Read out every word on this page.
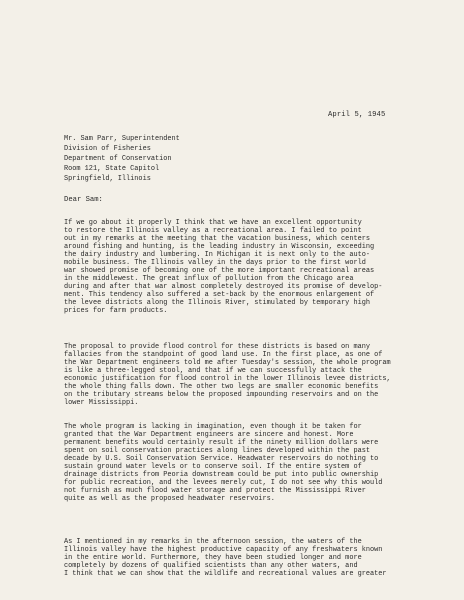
April 5, 1945
Mr. Sam Parr, Superintendent
Division of Fisheries
Department of Conservation
Room 121, State Capitol
Springfield, Illinois
Dear Sam:
If we go about it properly I think that we have an excellent opportunity
to restore the Illinois valley as a recreational area. I failed to point
out in my remarks at the meeting that the vacation business, which centers
around fishing and hunting, is the leading industry in Wisconsin, exceeding
the dairy industry and lumbering. In Michigan it is next only to the auto-
mobile business. The Illinois valley in the days prior to the first world
war showed promise of becoming one of the more important recreational areas
in the middlewest. The great influx of pollution from the Chicago area
during and after that war almost completely destroyed its promise of develop-
ment. This tendency also suffered a set-back by the enormous enlargement of
the levee districts along the Illinois River, stimulated by temporary high
prices for farm products.
The proposal to provide flood control for these districts is based on many
fallacies from the standpoint of good land use. In the first place, as one of
the War Department engineers told me after Tuesday's session, the whole program
is like a three-legged stool, and that if we can successfully attack the
economic justification for flood control in the lower Illinois levee districts,
the whole thing falls down. The other two legs are smaller economic benefits
on the tributary streams below the proposed impounding reservoirs and on the
lower Mississippi.
The whole program is lacking in imagination, even though it be taken for
granted that the War Department engineers are sincere and honest. More
permanent benefits would certainly result if the ninety million dollars were
spent on soil conservation practices along lines developed within the past
decade by U.S. Soil Conservation Service. Headwater reservoirs do nothing to
sustain ground water levels or to conserve soil. If the entire system of
drainage districts from Peoria downstream could be put into public ownership
for public recreation, and the levees merely cut, I do not see why this would
not furnish as much flood water storage and protect the Mississippi River
quite as well as the proposed headwater reservoirs.
As I mentioned in my remarks in the afternoon session, the waters of the
Illinois valley have the highest productive capacity of any freshwaters known
in the entire world. Furthermore, they have been studied longer and more
completely by dozens of qualified scientists than any other waters, and
I think that we can show that the wildlife and recreational values are greater
